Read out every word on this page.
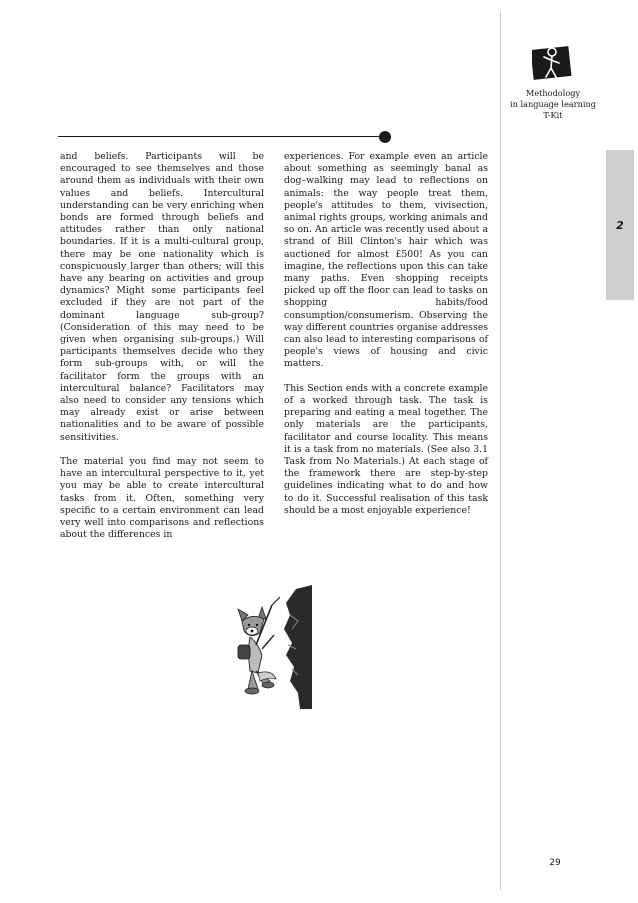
Methodology
in language learning
T-Kit
2

and beliefs. Participants will be encouraged to see themselves and those around them as individuals with their own values and beliefs. Intercultural understanding can be very enriching when bonds are formed through beliefs and attitudes rather than only national boundaries. If it is a multi-cultural group, there may be one nationality which is conspicuously larger than others; will this have any bearing on activities and group dynamics? Might some participants feel excluded if they are not part of the dominant language sub-group? (Consideration of this may need to be given when organising sub-groups.) Will participants themselves decide who they form sub-groups with, or will the facilitator form the groups with an intercultural balance? Facilitators may also need to consider any tensions which may already exist or arise between nationalities and to be aware of possible sensitivities.

The material you find may not seem to have an intercultural perspective to it, yet you may be able to create intercultural tasks from it. Often, something very specific to a certain environment can lead very well into comparisons and reflections about the differences in

experiences. For example even an article about something as seemingly banal as dog–walking may lead to reflections on animals: the way people treat them, people's attitudes to them, vivisection, animal rights groups, working animals and so on. An article was recently used about a strand of Bill Clinton's hair which was auctioned for almost £500! As you can imagine, the reflections upon this can take many paths. Even shopping receipts picked up off the floor can lead to tasks on shopping habits/food consumption/consumerism. Observing the way different countries organise addresses can also lead to interesting comparisons of people's views of housing and civic matters.

This Section ends with a concrete example of a worked through task. The task is preparing and eating a meal together. The only materials are the participants, facilitator and course locality. This means it is a task from no materials. (See also 3.1 Task from No Materials.) At each stage of the framework there are step-by-step guidelines indicating what to do and how to do it. Successful realisation of this task should be a most enjoyable experience!

29
